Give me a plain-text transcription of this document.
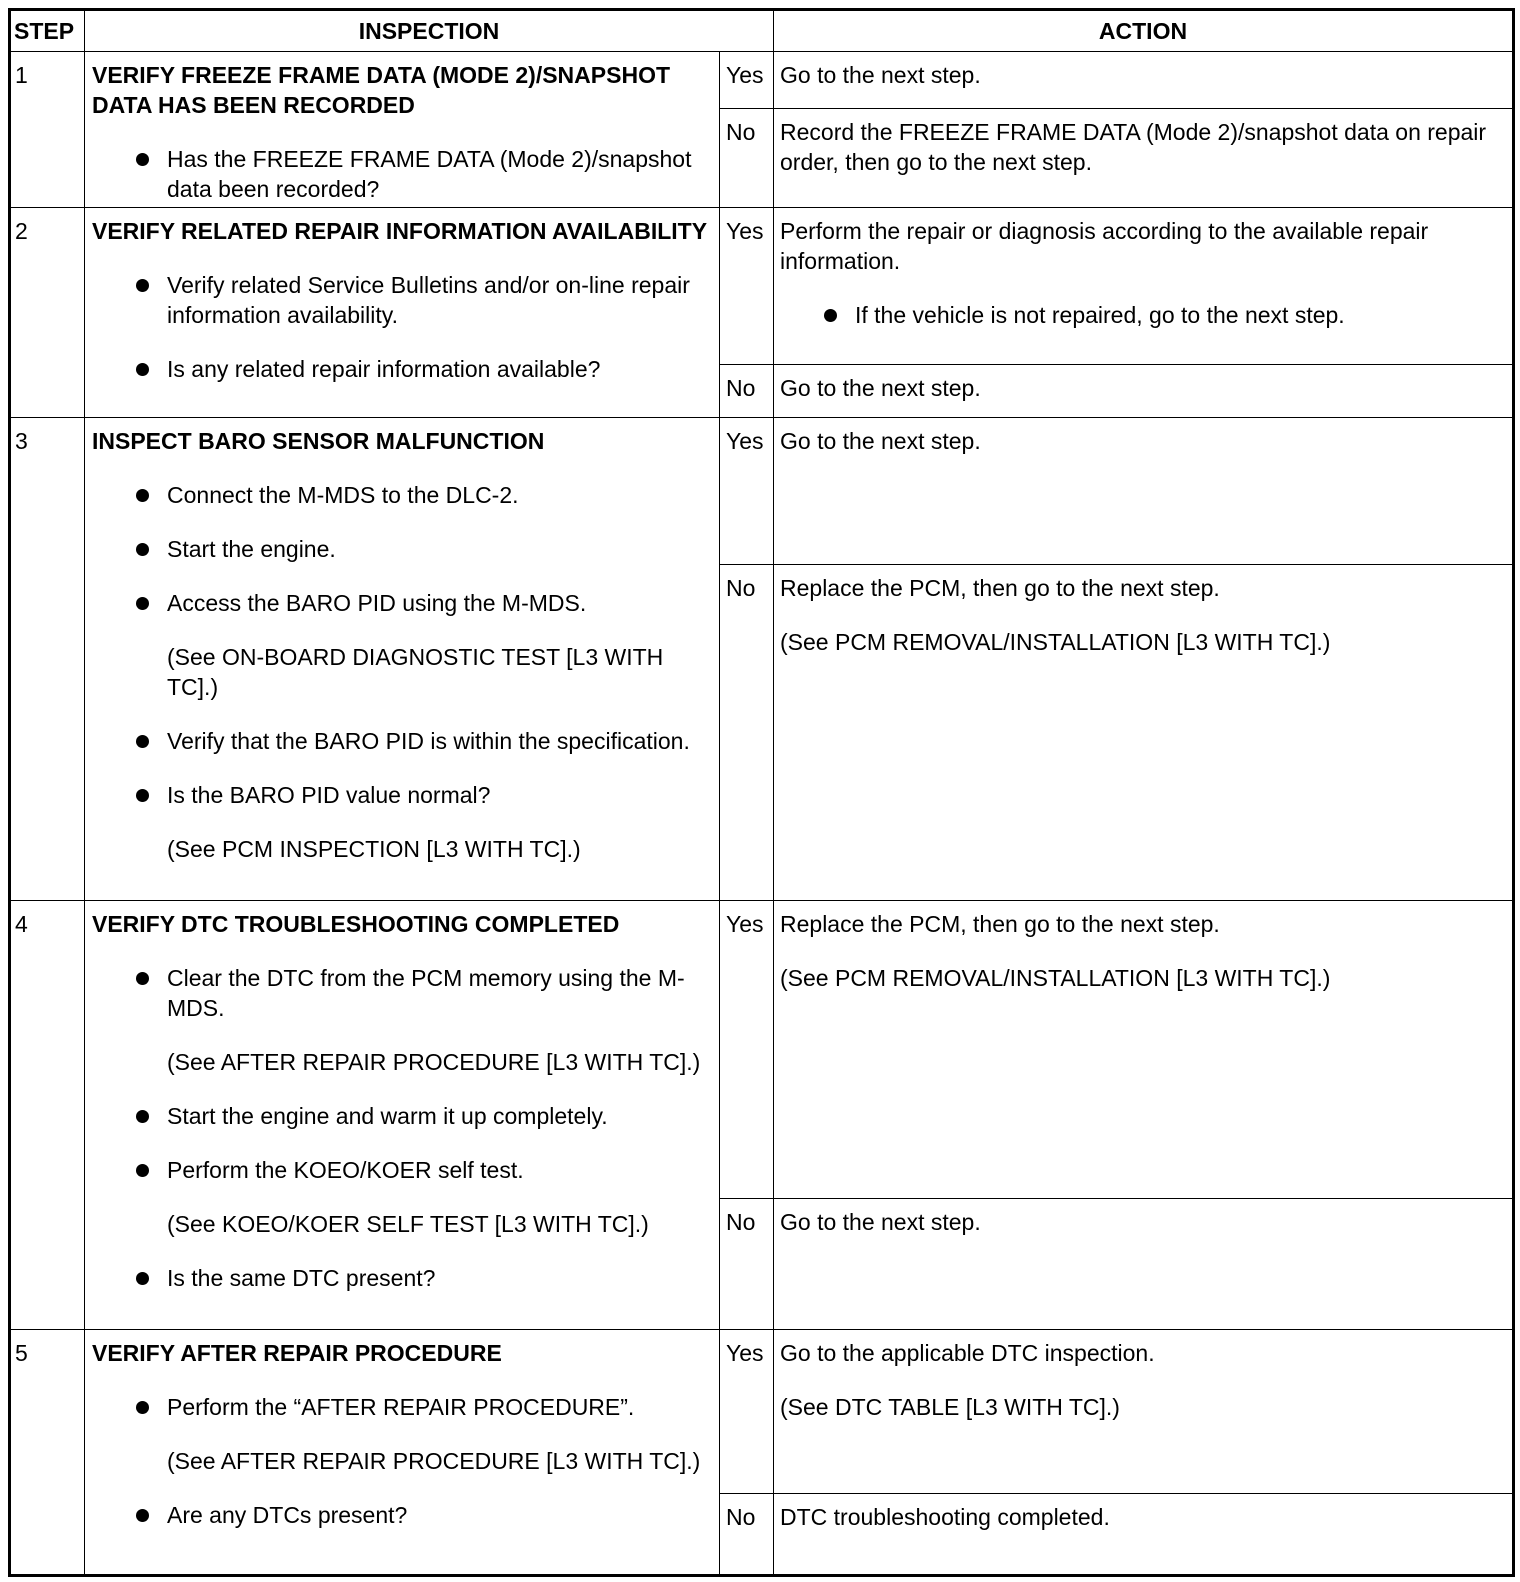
STEP	INSPECTION	ACTION
1	VERIFY FREEZE FRAME DATA (MODE 2)/SNAPSHOT DATA HAS BEEN RECORDED
Has the FREEZE FRAME DATA (Mode 2)/snapshot data been recorded?
Yes Go to the next step.

No	Record the FREEZE FRAME DATA (Mode 2)/snapshot data on repair order, then go to the next step.

2	VERIFY RELATED REPAIR INFORMATION AVAILABILITY
Verify related Service Bulletins and/or on-line repair information availability.
Is any related repair information available?
Yes Perform the repair or diagnosis according to the available repair information.

If the vehicle is not repaired, go to the next step.
No	Go to the next step.

3	INSPECT BARO SENSOR MALFUNCTION
Connect the M-MDS to the DLC-2.
Start the engine.
Access the BARO PID using the M-MDS.
(See ON-BOARD DIAGNOSTIC TEST [L3 WITH TC].)
Verify that the BARO PID is within the specification.
Is the BARO PID value normal?
(See PCM INSPECTION [L3 WITH TC].)
Yes Go to the next step.

No	Replace the PCM, then go to the next step.

(See PCM REMOVAL/INSTALLATION [L3 WITH TC].)

4	VERIFY DTC TROUBLESHOOTING COMPLETED
Clear the DTC from the PCM memory using the M-MDS.
(See AFTER REPAIR PROCEDURE [L3 WITH TC].)
Start the engine and warm it up completely.
Perform the KOEO/KOER self test.
(See KOEO/KOER SELF TEST [L3 WITH TC].)
Is the same DTC present?
Yes Replace the PCM, then go to the next step.

(See PCM REMOVAL/INSTALLATION [L3 WITH TC].)

No	Go to the next step.

5	VERIFY AFTER REPAIR PROCEDURE
Perform the “AFTER REPAIR PROCEDURE”.
(See AFTER REPAIR PROCEDURE [L3 WITH TC].)
Are any DTCs present?
Yes Go to the applicable DTC inspection.

(See DTC TABLE [L3 WITH TC].)

No	DTC troubleshooting completed.
